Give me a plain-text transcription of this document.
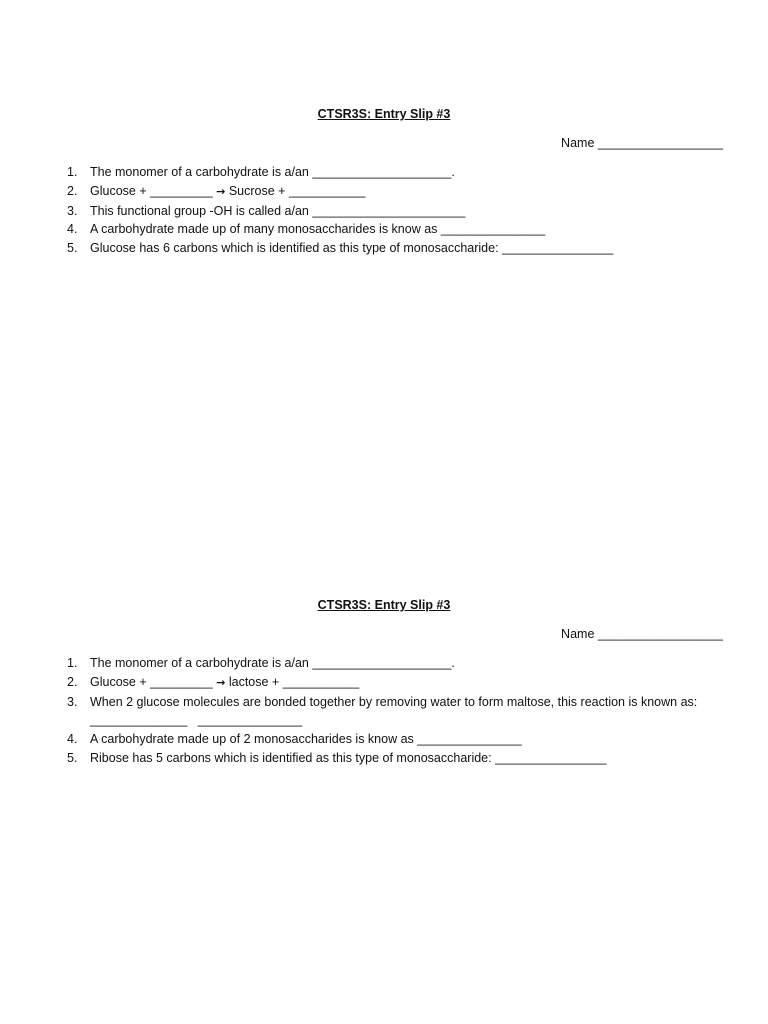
CTSR3S: Entry Slip #3
Name __________________
1. The monomer of a carbohydrate is a/an ____________________.
2. Glucose + _________ → Sucrose + ___________
3. This functional group -OH is called a/an ______________________
4. A carbohydrate made up of many monosaccharides is know as _______________
5. Glucose has 6 carbons which is identified as this type of monosaccharide: ________________
CTSR3S: Entry Slip #3
Name __________________
1. The monomer of a carbohydrate is a/an ____________________.
2. Glucose + _________ → lactose + ___________
3. When 2 glucose molecules are bonded together by removing water to form maltose, this reaction is known as:
______________   _______________
4. A carbohydrate made up of 2 monosaccharides is know as _______________
5. Ribose has 5 carbons which is identified as this type of monosaccharide: ________________
